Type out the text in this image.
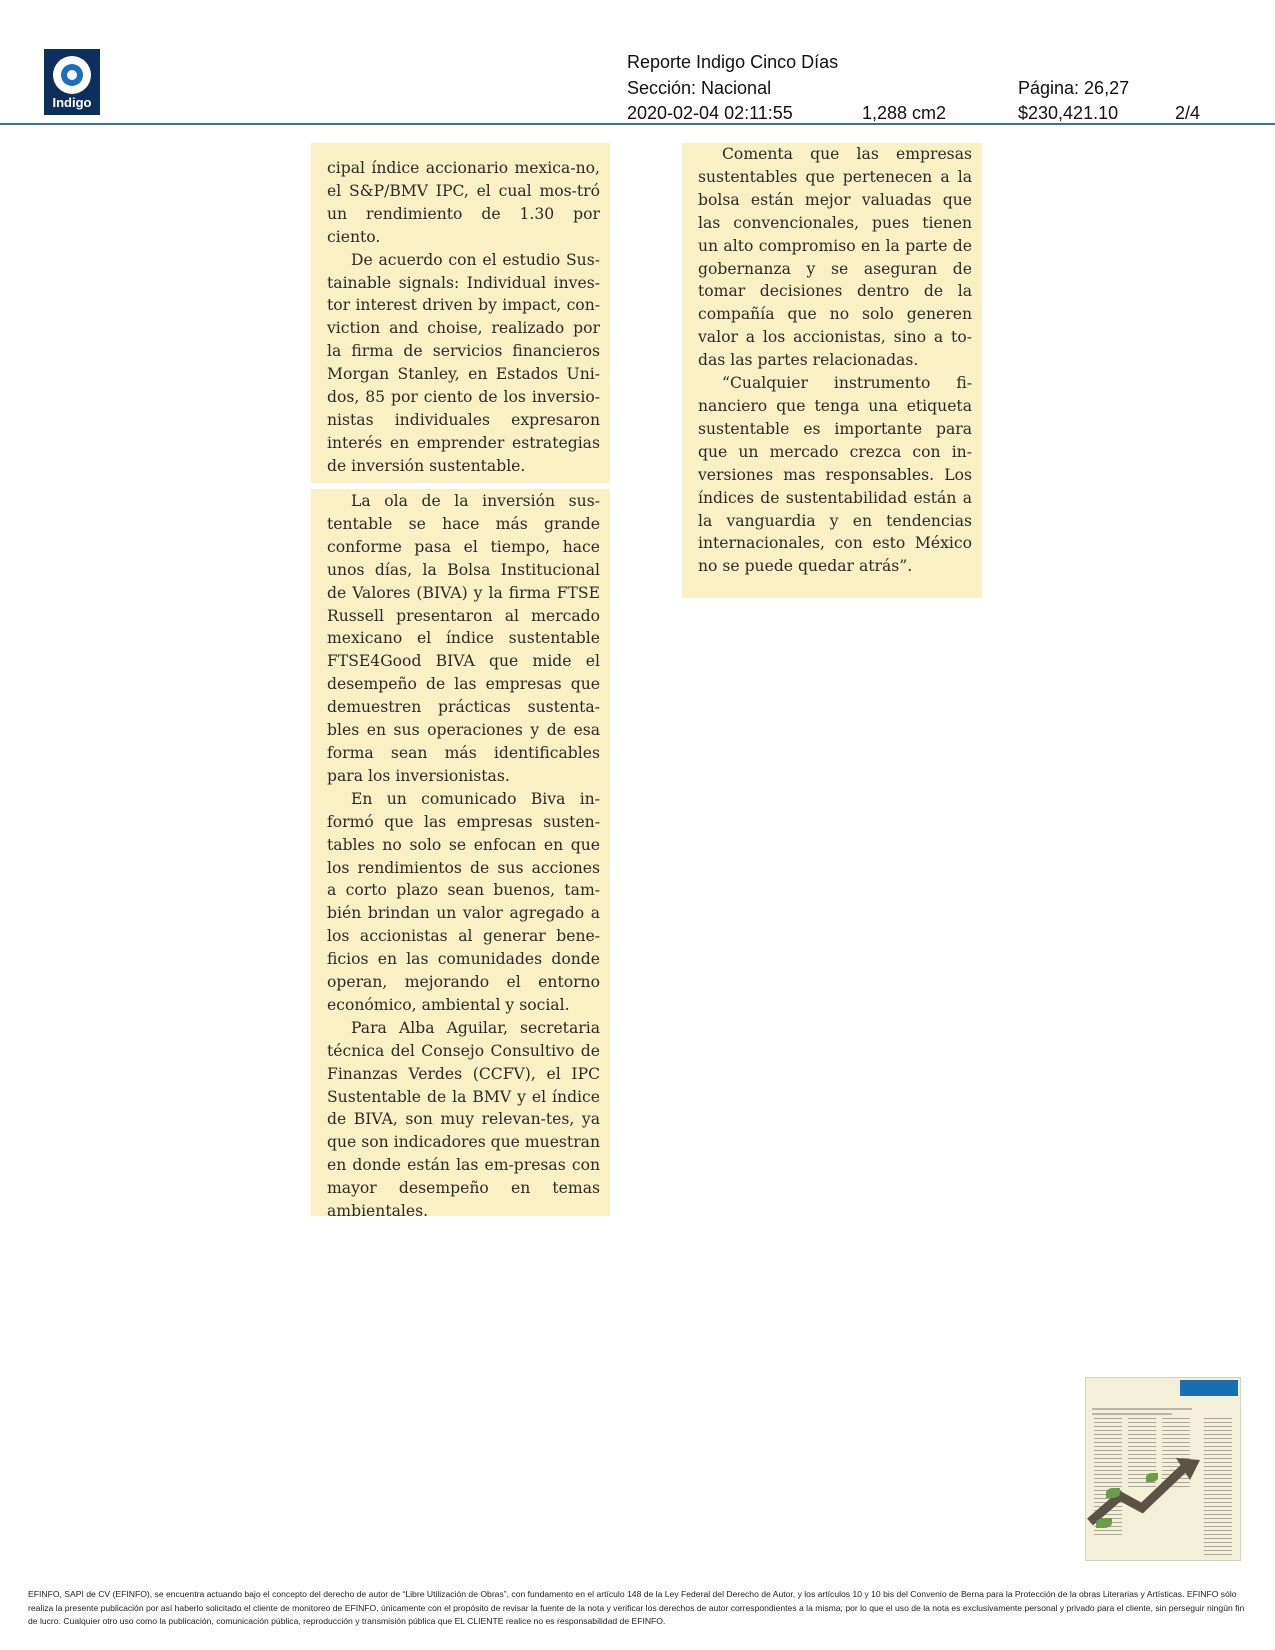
Indigo
Reporte Indigo Cinco Días
Sección: Nacional	Página: 26,27
2020-02-04 02:11:55	1,288 cm2	$230,421.10	2/4

cipal índice accionario mexica-no, el S&P/BMV IPC, el cual mos-tró un rendimiento de 1.30 por ciento.

De acuerdo con el estudio Sus-tainable signals: Individual inves-tor interest driven by impact, con-viction and choise, realizado por la firma de servicios financieros Morgan Stanley, en Estados Uni-dos, 85 por ciento de los inversio-nistas individuales expresaron interés en emprender estrategias de inversión sustentable.

La ola de la inversión sus-tentable se hace más grande conforme pasa el tiempo, hace unos días, la Bolsa Institucional de Valores (BIVA) y la firma FTSE Russell presentaron al mercado mexicano el índice sustentable FTSE4Good BIVA que mide el desempeño de las empresas que demuestren prácticas sustenta-bles en sus operaciones y de esa forma sean más identificables para los inversionistas.

En un comunicado Biva in-formó que las empresas susten-tables no solo se enfocan en que los rendimientos de sus acciones a corto plazo sean buenos, tam-bién brindan un valor agregado a los accionistas al generar bene-ficios en las comunidades donde operan, mejorando el entorno económico, ambiental y social.

Para Alba Aguilar, secretaria técnica del Consejo Consultivo de Finanzas Verdes (CCFV), el IPC Sustentable de la BMV y el índice de BIVA, son muy relevan-tes, ya que son indicadores que muestran en donde están las em-presas con mayor desempeño en temas ambientales.

Comenta que las empresas sustentables que pertenecen a la bolsa están mejor valuadas que las convencionales, pues tienen un alto compromiso en la parte de gobernanza y se aseguran de tomar decisiones dentro de la compañía que no solo generen valor a los accionistas, sino a to-das las partes relacionadas.

“Cualquier instrumento fi-nanciero que tenga una etiqueta sustentable es importante para que un mercado crezca con in-versiones mas responsables. Los índices de sustentabilidad están a la vanguardia y en tendencias internacionales, con esto México no se puede quedar atrás”.

EFINFO, SAPI de CV (EFINFO), se encuentra actuando bajo el concepto del derecho de autor de “Libre Utilización de Obras”, con fundamento en el artículo 148 de la Ley Federal del Derecho de Autor, y los artículos 10 y 10 bis del Convenio de Berna para la Protección de la obras Literarias y Artísticas. EFINFO sólo realiza la presente publicación por así haberlo solicitado el cliente de monitoreo de EFINFO, únicamente con el propósito de revisar la fuente de la nota y verificar los derechos de autor correspondientes a la misma; por lo que el uso de la nota es exclusivamente personal y privado para el cliente, sin perseguir ningún fin de lucro. Cualquier otro uso como la publicación, comunicación pública, reproducción y transmisión pública que EL CLIENTE realice no es responsabilidad de EFINFO.
